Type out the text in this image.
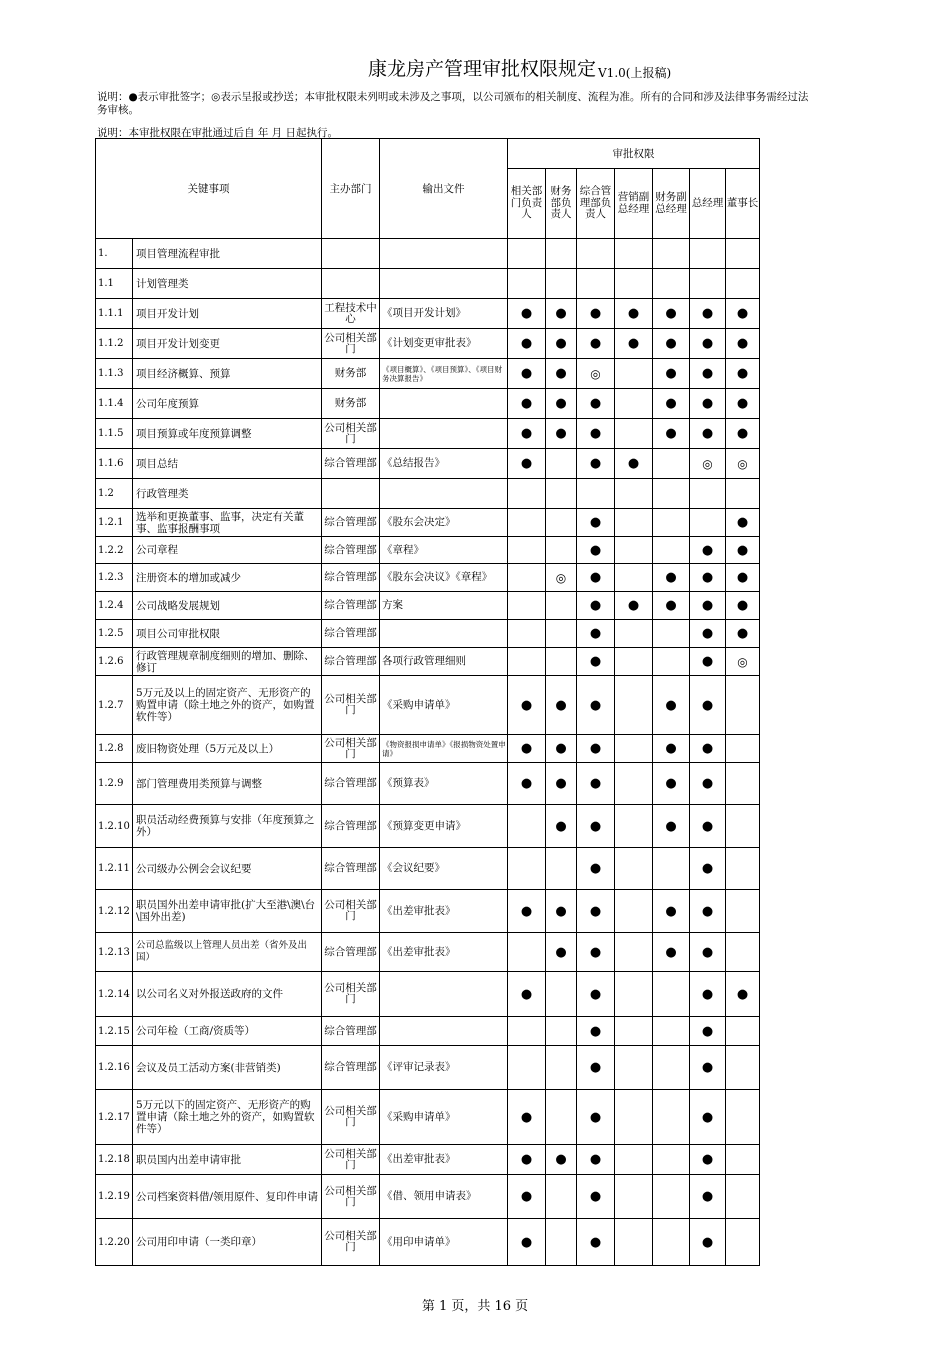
康龙房产管理审批权限规定 V1.0(上报稿)
说明：●表示审批签字；◎表示呈报或抄送；本审批权限未列明或未涉及之事项，以公司颁布的相关制度、流程为准。所有的合同和涉及法律事务需经过法务审核。
说明：本审批权限在审批通过后自 年 月 日起执行。
关键事项		主办部门	输出文件	审批权限						
				相关部门负责人	财务部负责人	综合管理部负责人	营销副总经理	财务副总经理	总经理	董事长
1.	项目管理流程审批									
1.1	计划管理类									
1.1.1	项目开发计划	工程技术中心	《项目开发计划》	●	●	●	●	●	●	●
1.1.2	项目开发计划变更	公司相关部门	《计划变更审批表》	●	●	●	●	●	●	●
1.1.3	项目经济概算、预算	财务部	《项目概算》、《项目预算》、《项目财务决算报告》	●	●	◎		●	●	●
1.1.4	公司年度预算	财务部		●	●	●		●	●	●
1.1.5	项目预算或年度预算调整	公司相关部门		●	●	●		●	●	●
1.1.6	项目总结	综合管理部	《总结报告》	●		●	●		◎	◎
1.2	行政管理类									
1.2.1	选举和更换董事、监事，决定有关董事、监事报酬事项	综合管理部	《股东会决定》			●				●
1.2.2	公司章程	综合管理部	《章程》			●			●	●
1.2.3	注册资本的增加或减少	综合管理部	《股东会决议》《章程》		◎	●		●	●	●
1.2.4	公司战略发展规划	综合管理部	方案			●	●	●	●	●
1.2.5	项目公司审批权限	综合管理部				●			●	●
1.2.6	行政管理规章制度细则的增加、删除、修订	综合管理部	各项行政管理细则			●			●	◎
1.2.7	5万元及以上的固定资产、无形资产的购置申请（除土地之外的资产，如购置软件等）	公司相关部门	《采购申请单》	●	●	●		●	●	
1.2.8	废旧物资处理（5万元及以上）	公司相关部门	《物资报损申请单》《报损物资处置申请》	●	●	●		●	●	
1.2.9	部门管理费用类预算与调整	综合管理部	《预算表》	●	●	●		●	●	
1.2.10	职员活动经费预算与安排（年度预算之外）	综合管理部	《预算变更申请》		●	●		●	●	
1.2.11	公司级办公例会会议纪要	综合管理部	《会议纪要》			●			●	
1.2.12	职员国外出差申请审批(扩大至港\澳\台\国外出差)	公司相关部门	《出差审批表》	●	●	●		●	●	
1.2.13	公司总监级以上管理人员出差（省外及出国）	综合管理部	《出差审批表》		●	●		●	●	
1.2.14	以公司名义对外报送政府的文件	公司相关部门		●		●			●	●
1.2.15	公司年检（工商/资质等）	综合管理部				●			●	
1.2.16	会议及员工活动方案(非营销类)	综合管理部	《评审记录表》			●			●	
1.2.17	5万元以下的固定资产、无形资产的购置申请（除土地之外的资产，如购置软件等）	公司相关部门	《采购申请单》	●		●			●	
1.2.18	职员国内出差申请审批	公司相关部门	《出差审批表》	●	●	●			●	
1.2.19	公司档案资料借/领用原件、复印件申请	公司相关部门	《借、领用申请表》	●		●			●	
1.2.20	公司用印申请（一类印章）	公司相关部门	《用印申请单》	●		●			●	
第 1 页，共 16 页
